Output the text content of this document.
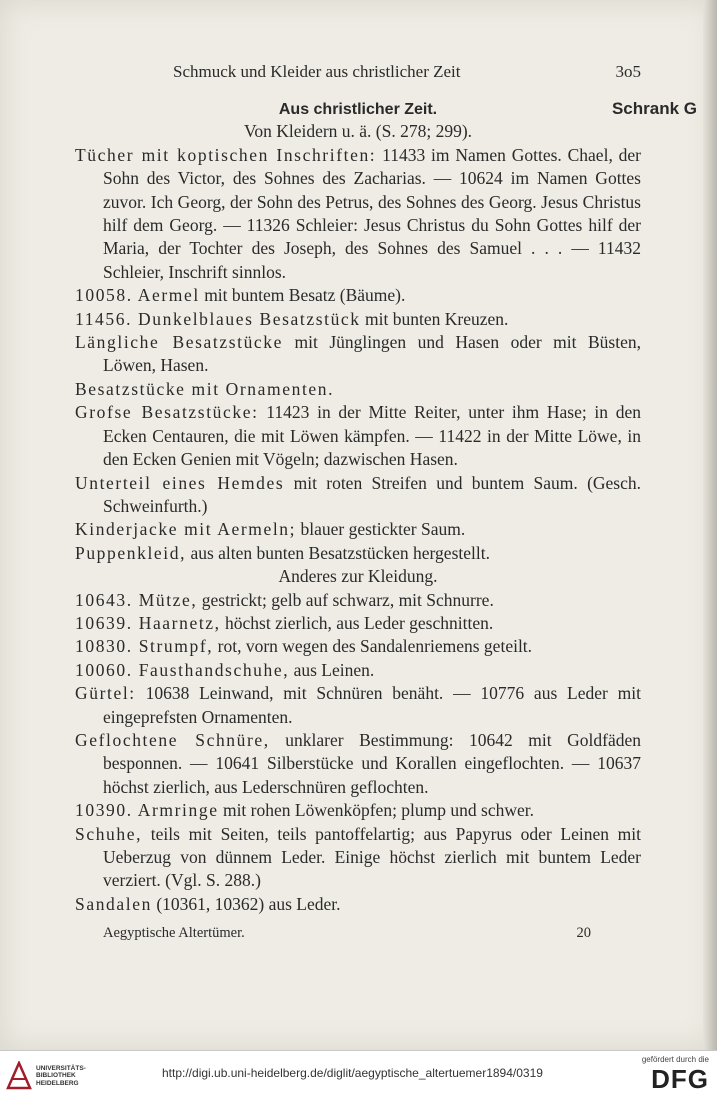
Schmuck und Kleider aus christlicher Zeit	3o5
Aus christlicher Zeit.	Schrank G
Von Kleidern u. ä. (S. 278; 299).
Tücher mit koptischen Inschriften: 11433 im Namen Gottes. Chael, der Sohn des Victor, des Sohnes des Zacharias. — 10624 im Namen Gottes zuvor. Ich Georg, der Sohn des Petrus, des Sohnes des Georg. Jesus Christus hilf dem Georg. — 11326 Schleier: Jesus Christus du Sohn Gottes hilf der Maria, der Tochter des Joseph, des Sohnes des Samuel . . . — 11432 Schleier, Inschrift sinnlos.
10058. Aermel mit buntem Besatz (Bäume).
11456. Dunkelblaues Besatzstück mit bunten Kreuzen.
Längliche Besatzstücke mit Jünglingen und Hasen oder mit Büsten, Löwen, Hasen.
Besatzstücke mit Ornamenten.
Grofse Besatzstücke: 11423 in der Mitte Reiter, unter ihm Hase; in den Ecken Centauren, die mit Löwen kämpfen. — 11422 in der Mitte Löwe, in den Ecken Genien mit Vögeln; dazwischen Hasen.
Unterteil eines Hemdes mit roten Streifen und buntem Saum. (Gesch. Schweinfurth.)
Kinderjacke mit Aermeln; blauer gestickter Saum.
Puppenkleid, aus alten bunten Besatzstücken hergestellt.
Anderes zur Kleidung.
10643. Mütze, gestrickt; gelb auf schwarz, mit Schnurre.
10639. Haarnetz, höchst zierlich, aus Leder geschnitten.
10830. Strumpf, rot, vorn wegen des Sandalenriemens geteilt.
10060. Fausthandschuhe, aus Leinen.
Gürtel: 10638 Leinwand, mit Schnüren benäht. — 10776 aus Leder mit eingeprefsten Ornamenten.
Geflochtene Schnüre, unklarer Bestimmung: 10642 mit Goldfäden besponnen. — 10641 Silberstücke und Korallen eingeflochten. — 10637 höchst zierlich, aus Lederschnüren geflochten.
10390. Armringe mit rohen Löwenköpfen; plump und schwer.
Schuhe, teils mit Seiten, teils pantoffelartig; aus Papyrus oder Leinen mit Ueberzug von dünnem Leder. Einige höchst zierlich mit buntem Leder verziert. (Vgl. S. 288.)
Sandalen (10361, 10362) aus Leder.
Aegyptische Altertümer.	20
UNIVERSITÄTS-
BIBLIOTHEK
HEIDELBERG
http://digi.ub.uni-heidelberg.de/diglit/aegyptische_altertuemer1894/0319
gefördert durch die
DFG
